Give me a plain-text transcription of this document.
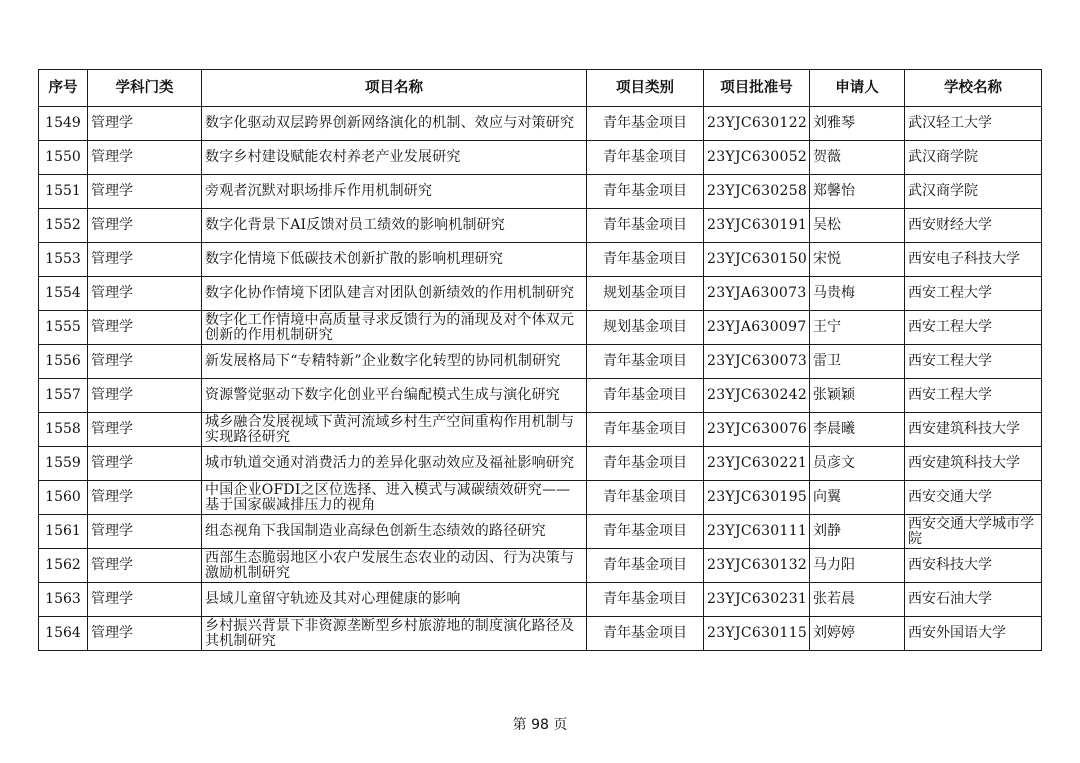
序号	学科门类	项目名称	项目类别	项目批准号	申请人	学校名称
1549	管理学	数字化驱动双层跨界创新网络演化的机制、效应与对策研究	青年基金项目	23YJC630122	刘雅琴	武汉轻工大学
1550	管理学	数字乡村建设赋能农村养老产业发展研究	青年基金项目	23YJC630052	贺薇	武汉商学院
1551	管理学	旁观者沉默对职场排斥作用机制研究	青年基金项目	23YJC630258	郑馨怡	武汉商学院
1552	管理学	数字化背景下AI反馈对员工绩效的影响机制研究	青年基金项目	23YJC630191	吴松	西安财经大学
1553	管理学	数字化情境下低碳技术创新扩散的影响机理研究	青年基金项目	23YJC630150	宋悦	西安电子科技大学
1554	管理学	数字化协作情境下团队建言对团队创新绩效的作用机制研究	规划基金项目	23YJA630073	马贵梅	西安工程大学
1555	管理学	数字化工作情境中高质量寻求反馈行为的涌现及对个体双元创新的作用机制研究	规划基金项目	23YJA630097	王宁	西安工程大学
1556	管理学	新发展格局下“专精特新”企业数字化转型的协同机制研究	青年基金项目	23YJC630073	雷卫	西安工程大学
1557	管理学	资源警觉驱动下数字化创业平台编配模式生成与演化研究	青年基金项目	23YJC630242	张颖颖	西安工程大学
1558	管理学	城乡融合发展视域下黄河流域乡村生产空间重构作用机制与实现路径研究	青年基金项目	23YJC630076	李晨曦	西安建筑科技大学
1559	管理学	城市轨道交通对消费活力的差异化驱动效应及福祉影响研究	青年基金项目	23YJC630221	员彦文	西安建筑科技大学
1560	管理学	中国企业OFDI之区位选择、进入模式与减碳绩效研究——基于国家碳减排压力的视角	青年基金项目	23YJC630195	向翼	西安交通大学
1561	管理学	组态视角下我国制造业高绿色创新生态绩效的路径研究	青年基金项目	23YJC630111	刘静	西安交通大学城市学院
1562	管理学	西部生态脆弱地区小农户发展生态农业的动因、行为决策与激励机制研究	青年基金项目	23YJC630132	马力阳	西安科技大学
1563	管理学	县域儿童留守轨迹及其对心理健康的影响	青年基金项目	23YJC630231	张若晨	西安石油大学
1564	管理学	乡村振兴背景下非资源垄断型乡村旅游地的制度演化路径及其机制研究	青年基金项目	23YJC630115	刘婷婷	西安外国语大学
第 98 页
